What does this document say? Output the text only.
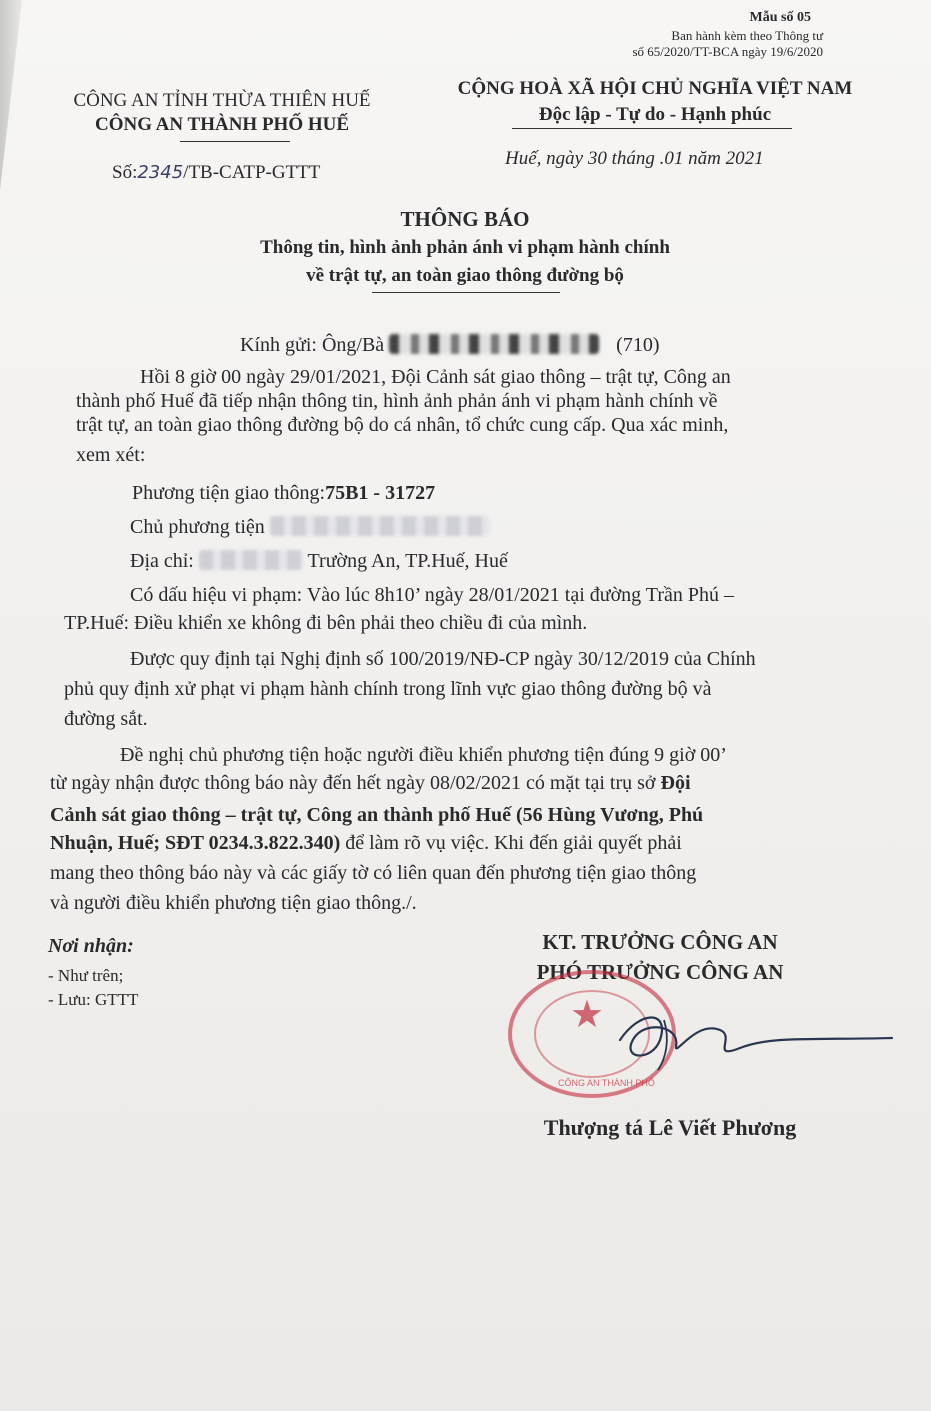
Mẫu số 05
Ban hành kèm theo Thông tư
số 65/2020/TT-BCA ngày 19/6/2020
CÔNG AN TỈNH THỪA THIÊN HUẾ
CÔNG AN THÀNH PHỐ HUẾ
Số:2345/TB-CATP-GTTT
CỘNG HOÀ XÃ HỘI CHỦ NGHĨA VIỆT NAM
Độc lập - Tự do - Hạnh phúc
Huế, ngày 30 tháng .01 năm 2021
THÔNG BÁO
Thông tin, hình ảnh phản ánh vi phạm hành chính
về trật tự, an toàn giao thông đường bộ
Kính gửi: Ông/Bà	(710)
Hồi 8 giờ 00 ngày 29/01/2021, Đội Cảnh sát giao thông – trật tự, Công an
thành phố Huế đã tiếp nhận thông tin, hình ảnh phản ánh vi phạm hành chính về
trật tự, an toàn giao thông đường bộ do cá nhân, tổ chức cung cấp. Qua xác minh,
xem xét:
Phương tiện giao thông:75B1 - 31727
Chủ phương tiện
Địa chỉ:	Trường An, TP.Huế, Huế
Có dấu hiệu vi phạm: Vào lúc 8h10’ ngày 28/01/2021 tại đường Trần Phú –
TP.Huế: Điều khiển xe không đi bên phải theo chiều đi của mình.
Được quy định tại Nghị định số 100/2019/NĐ-CP ngày 30/12/2019 của Chính
phủ quy định xử phạt vi phạm hành chính trong lĩnh vực giao thông đường bộ và
đường sắt.
Đề nghị chủ phương tiện hoặc người điều khiển phương tiện đúng 9 giờ 00’
từ ngày nhận được thông báo này đến hết ngày 08/02/2021 có mặt tại trụ sở Đội
Cảnh sát giao thông – trật tự, Công an thành phố Huế (56 Hùng Vương, Phú
Nhuận, Huế; SĐT 0234.3.822.340) để làm rõ vụ việc. Khi đến giải quyết phải
mang theo thông báo này và các giấy tờ có liên quan đến phương tiện giao thông
và người điều khiển phương tiện giao thông./.
Nơi nhận:
- Như trên;
- Lưu: GTTT
KT. TRƯỞNG CÔNG AN
PHÓ TRƯỞNG CÔNG AN
★
CÔNG AN THÀNH PHỐ
Thượng tá Lê Viết Phương
